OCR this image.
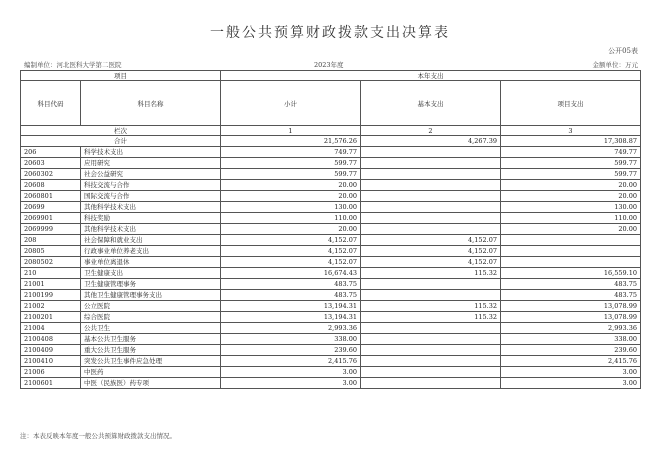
一般公共预算财政拨款支出决算表
公开05表
编制单位：河北医科大学第二医院	2023年度	金额单位：万元
项目		本年支出		
科目代码	科目名称	小计	基本支出	项目支出
栏次		1	2	3
合计		21,576.26	4,267.39	17,308.87
206	科学技术支出	749.77		749.77
20603	应用研究	599.77		599.77
2060302	社会公益研究	599.77		599.77
20608	科技交流与合作	20.00		20.00
2060801	国际交流与合作	20.00		20.00
20699	其他科学技术支出	130.00		130.00
2069901	科技奖励	110.00		110.00
2069999	其他科学技术支出	20.00		20.00
208	社会保障和就业支出	4,152.07	4,152.07	
20805	行政事业单位养老支出	4,152.07	4,152.07	
2080502	事业单位离退休	4,152.07	4,152.07	
210	卫生健康支出	16,674.43	115.32	16,559.10
21001	卫生健康管理事务	483.75		483.75
2100199	其他卫生健康管理事务支出	483.75		483.75
21002	公立医院	13,194.31	115.32	13,078.99
2100201	综合医院	13,194.31	115.32	13,078.99
21004	公共卫生	2,993.36		2,993.36
2100408	基本公共卫生服务	338.00		338.00
2100409	重大公共卫生服务	239.60		239.60
2100410	突发公共卫生事件应急处理	2,415.76		2,415.76
21006	中医药	3.00		3.00
2100601	中医（民族医）药专项	3.00		3.00
注：本表反映本年度一般公共预算财政拨款支出情况。
